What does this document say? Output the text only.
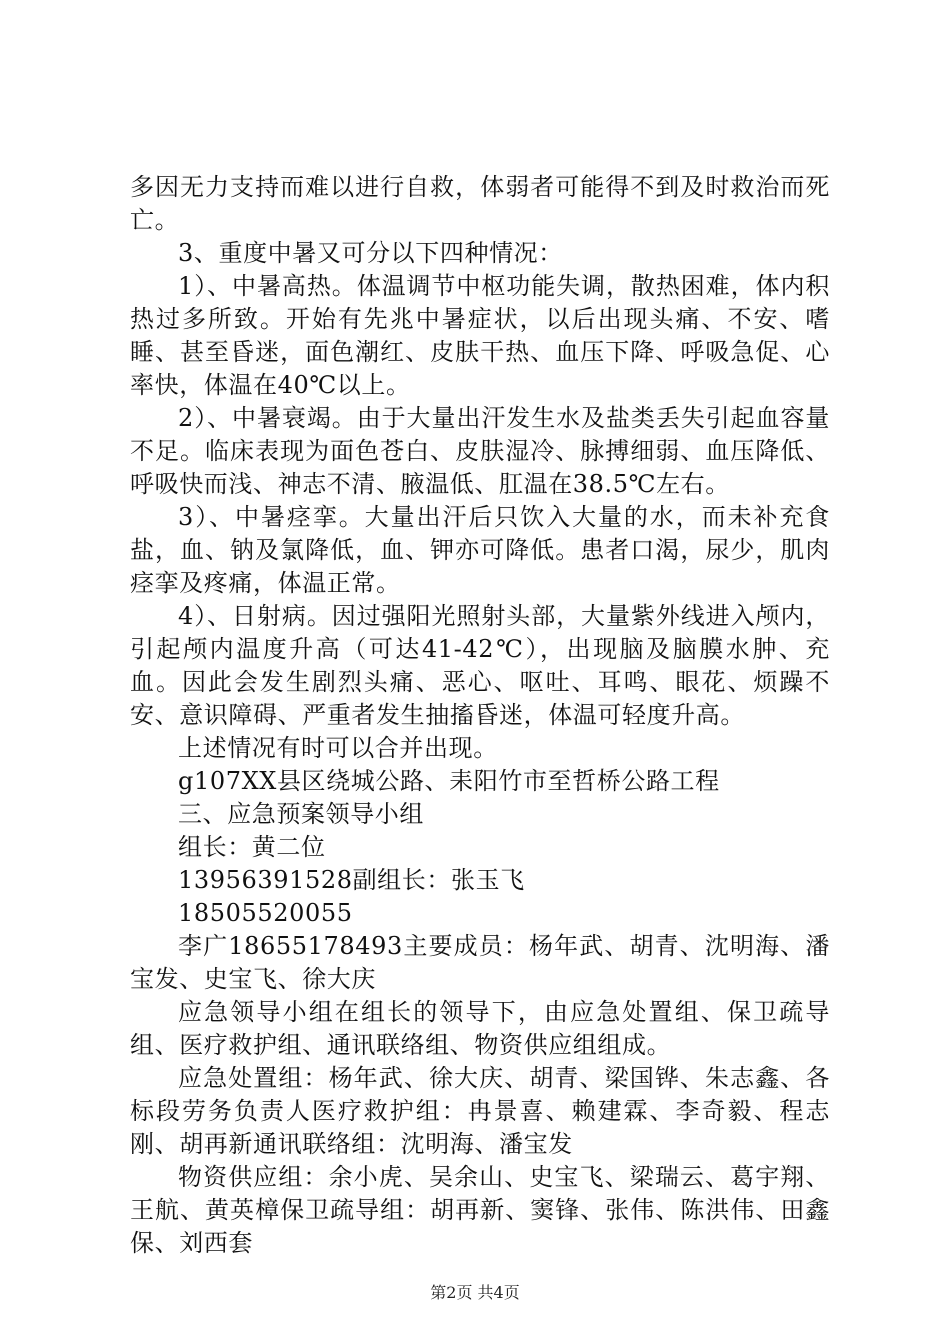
多因无力支持而难以进行自救，体弱者可能得不到及时救治而死亡。

3、重度中暑又可分以下四种情况：

1）、中暑高热。体温调节中枢功能失调，散热困难，体内积热过多所致。开始有先兆中暑症状，以后出现头痛、不安、嗜睡、甚至昏迷，面色潮红、皮肤干热、血压下降、呼吸急促、心率快，体温在40℃以上。

2）、中暑衰竭。由于大量出汗发生水及盐类丢失引起血容量不足。临床表现为面色苍白、皮肤湿冷、脉搏细弱、血压降低、呼吸快而浅、神志不清、腋温低、肛温在38.5℃左右。

3）、中暑痉挛。大量出汗后只饮入大量的水，而未补充食盐，血、钠及氯降低，血、钾亦可降低。患者口渴，尿少，肌肉痉挛及疼痛，体温正常。

4）、日射病。因过强阳光照射头部，大量紫外线进入颅内，引起颅内温度升高（可达41-42℃），出现脑及脑膜水肿、充血。因此会发生剧烈头痛、恶心、呕吐、耳鸣、眼花、烦躁不安、意识障碍、严重者发生抽搐昏迷，体温可轻度升高。

上述情况有时可以合并出现。

g107XX县区绕城公路、耒阳竹市至哲桥公路工程

三、应急预案领导小组

组长：黄二位

13956391528副组长：张玉飞

18505520055

李广18655178493主要成员：杨年武、胡青、沈明海、潘宝发、史宝飞、徐大庆

应急领导小组在组长的领导下，由应急处置组、保卫疏导组、医疗救护组、通讯联络组、物资供应组组成。

应急处置组：杨年武、徐大庆、胡青、梁国铧、朱志鑫、各标段劳务负责人医疗救护组：冉景喜、赖建霖、李奇毅、程志刚、胡再新通讯联络组：沈明海、潘宝发

物资供应组：余小虎、吴余山、史宝飞、梁瑞云、葛宇翔、王航、黄英樟保卫疏导组：胡再新、窦锋、张伟、陈洪伟、田鑫保、刘西套

第2页 共4页
